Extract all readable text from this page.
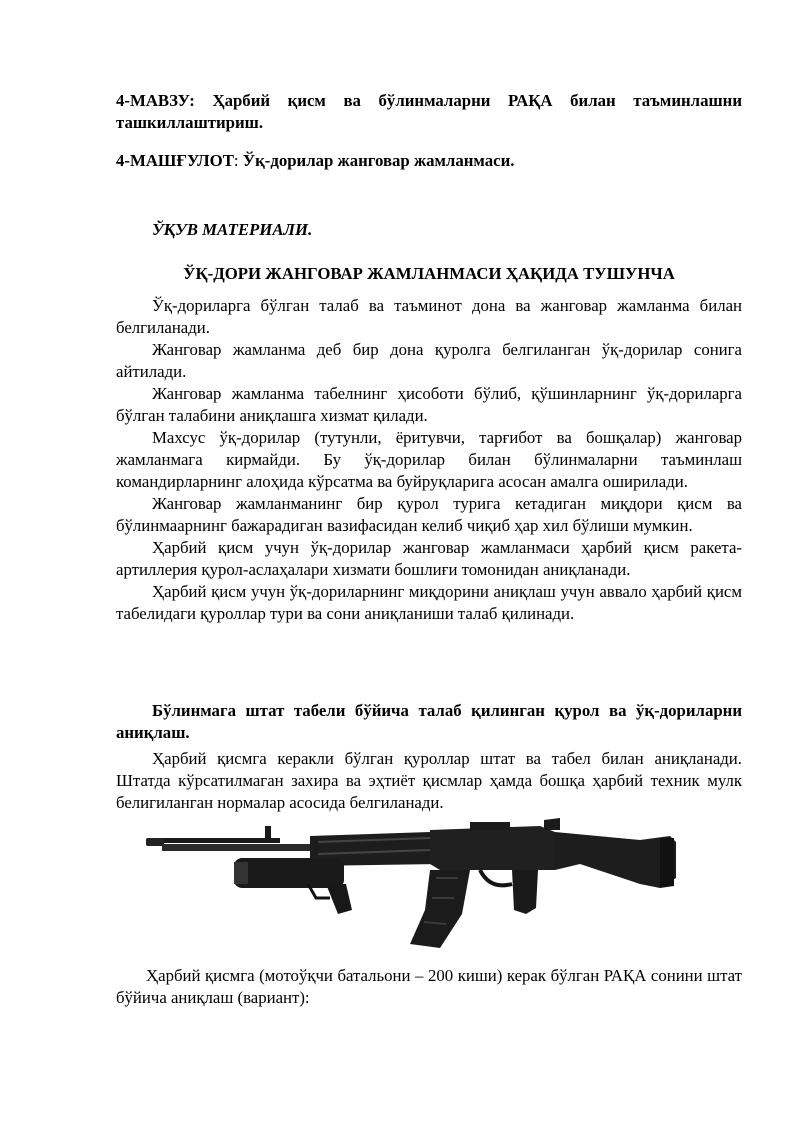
4-МАВЗУ: Ҳарбий қисм ва бўлинмаларни РАҚА билан таъминлашни ташкиллаштириш.
4-МАШҒУЛОТ: Ўқ-дорилар жанговар жамланмаси.
ЎҚУВ МАТЕРИАЛИ.
ЎҚ-ДОРИ ЖАНГОВАР ЖАМЛАНМАСИ ҲАҚИДА ТУШУНЧА

Ўқ-дориларга бўлган талаб ва таъминот дона ва жанговар жамланма билан белгиланади.

Жанговар жамланма деб бир дона қуролга белгиланган ўқ-дорилар сонига айтилади.

Жанговар жамланма табелнинг ҳисоботи бўлиб, қўшинларнинг ўқ-дориларга бўлган талабини аниқлашга хизмат қилади.

Махсус ўқ-дорилар (тутунли, ёритувчи, тарғибот ва бошқалар) жанговар жамланмага кирмайди. Бу ўқ-дорилар билан бўлинмаларни таъминлаш командирларнинг алоҳида кўрсатма ва буйруқларига асосан амалга оширилади.

Жанговар жамланманинг бир қурол турига кетадиган миқдори қисм ва бўлинмаарнинг бажарадиган вазифасидан келиб чиқиб ҳар хил бўлиши мумкин.

Ҳарбий қисм учун ўқ-дорилар жанговар жамланмаси ҳарбий қисм ракета-артиллерия қурол-аслаҳалари хизмати бошлиғи томонидан аниқланади.

Ҳарбий қисм учун ўқ-дориларнинг миқдорини аниқлаш учун аввало ҳарбий қисм табелидаги қуроллар тури ва сони аниқланиши талаб қилинади.

Бўлинмага штат табели бўйича талаб қилинган қурол ва ўқ-дориларни аниқлаш.

Ҳарбий қисмга керакли бўлган қуроллар штат ва табел билан аниқланади. Штатда кўрсатилмаган захира ва эҳтиёт қисмлар ҳамда бошқа ҳарбий техник мулк белигиланган нормалар асосида белгиланади.

Ҳарбий қисмга (мотоўқчи батальони – 200 киши) керак бўлган РАҚА сонини штат бўйича аниқлаш (вариант):
